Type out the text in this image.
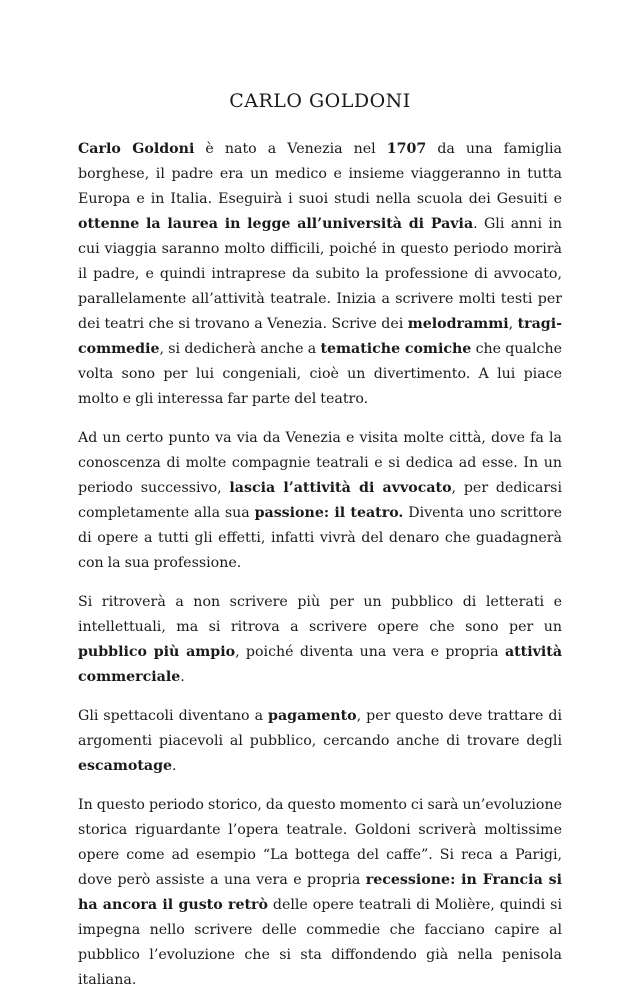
CARLO GOLDONI

Carlo Goldoni è nato a Venezia nel 1707 da una famiglia borghese, il padre era un medico e insieme viaggeranno in tutta Europa e in Italia. Eseguirà i suoi studi nella scuola dei Gesuiti e ottenne la laurea in legge all’università di Pavia. Gli anni in cui viaggia saranno molto difficili, poiché in questo periodo morirà il padre, e quindi intraprese da subito la professione di avvocato, parallelamente all’attività teatrale. Inizia a scrivere molti testi per dei teatri che si trovano a Venezia. Scrive dei melodrammi, tragi-commedie, si dedicherà anche a tematiche comiche che qualche volta sono per lui congeniali, cioè un divertimento. A lui piace molto e gli interessa far parte del teatro.

Ad un certo punto va via da Venezia e visita molte città, dove fa la conoscenza di molte compagnie teatrali e si dedica ad esse. In un periodo successivo, lascia l’attività di avvocato, per dedicarsi completamente alla sua passione: il teatro. Diventa uno scrittore di opere a tutti gli effetti, infatti vivrà del denaro che guadagnerà con la sua professione.

Si ritroverà a non scrivere più per un pubblico di letterati e intellettuali, ma si ritrova a scrivere opere che sono per un pubblico più ampio, poiché diventa una vera e propria attività commerciale.

Gli spettacoli diventano a pagamento, per questo deve trattare di argomenti piacevoli al pubblico, cercando anche di trovare degli escamotage.

In questo periodo storico, da questo momento ci sarà un’evoluzione storica riguardante l’opera teatrale. Goldoni scriverà moltissime opere come ad esempio “La bottega del caffe”. Si reca a Parigi, dove però assiste a una vera e propria recessione: in Francia si ha ancora il gusto retrò delle opere teatrali di Molière, quindi si impegna nello scrivere delle commedie che facciano capire al pubblico l’evoluzione che si sta diffondendo già nella penisola italiana.
